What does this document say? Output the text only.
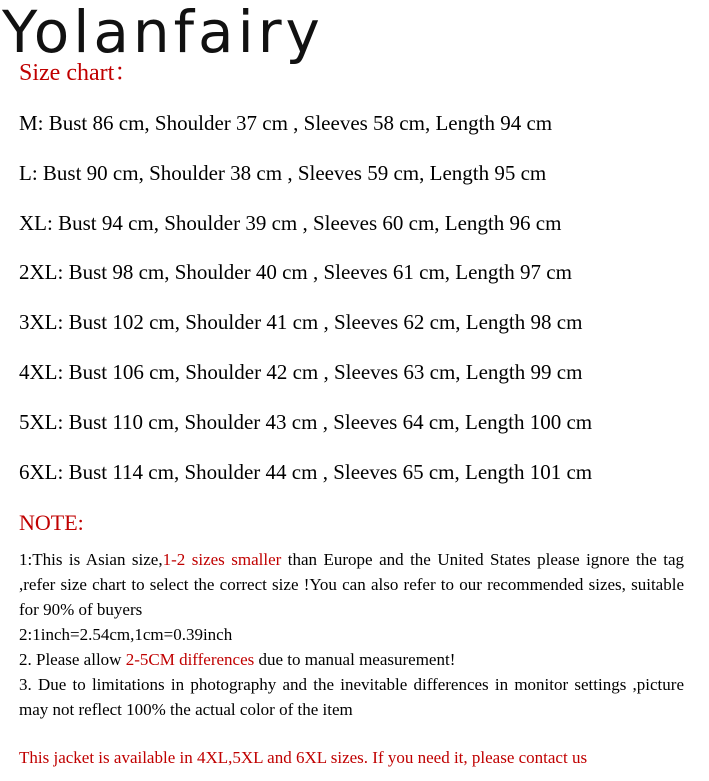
Yolanfairy
Size chart：
M: Bust 86 cm, Shoulder 37 cm , Sleeves 58 cm, Length 94 cm
L: Bust 90 cm, Shoulder 38 cm , Sleeves 59 cm, Length 95 cm
XL: Bust 94 cm, Shoulder 39 cm , Sleeves 60 cm, Length 96 cm
2XL: Bust 98 cm, Shoulder 40 cm , Sleeves 61 cm, Length 97 cm
3XL: Bust 102 cm, Shoulder 41 cm , Sleeves 62 cm, Length 98 cm
4XL: Bust 106 cm, Shoulder 42 cm , Sleeves 63 cm, Length 99 cm
5XL: Bust 110 cm, Shoulder 43 cm , Sleeves 64 cm, Length 100 cm
6XL: Bust 114 cm, Shoulder 44 cm , Sleeves 65 cm, Length 101 cm
NOTE:

1:This is Asian size,1-2 sizes smaller than Europe and the United States please ignore the tag ,refer size chart to select the correct size !You can also refer to our recommended sizes, suitable for 90% of buyers

2:1inch=2.54cm,1cm=0.39inch

2. Please allow 2-5CM differences due to manual measurement!

3. Due to limitations in photography and the inevitable differences in monitor settings ,picture may not reflect 100% the actual color of the item

This jacket is available in 4XL,5XL and 6XL sizes. If you need it, please contact us
